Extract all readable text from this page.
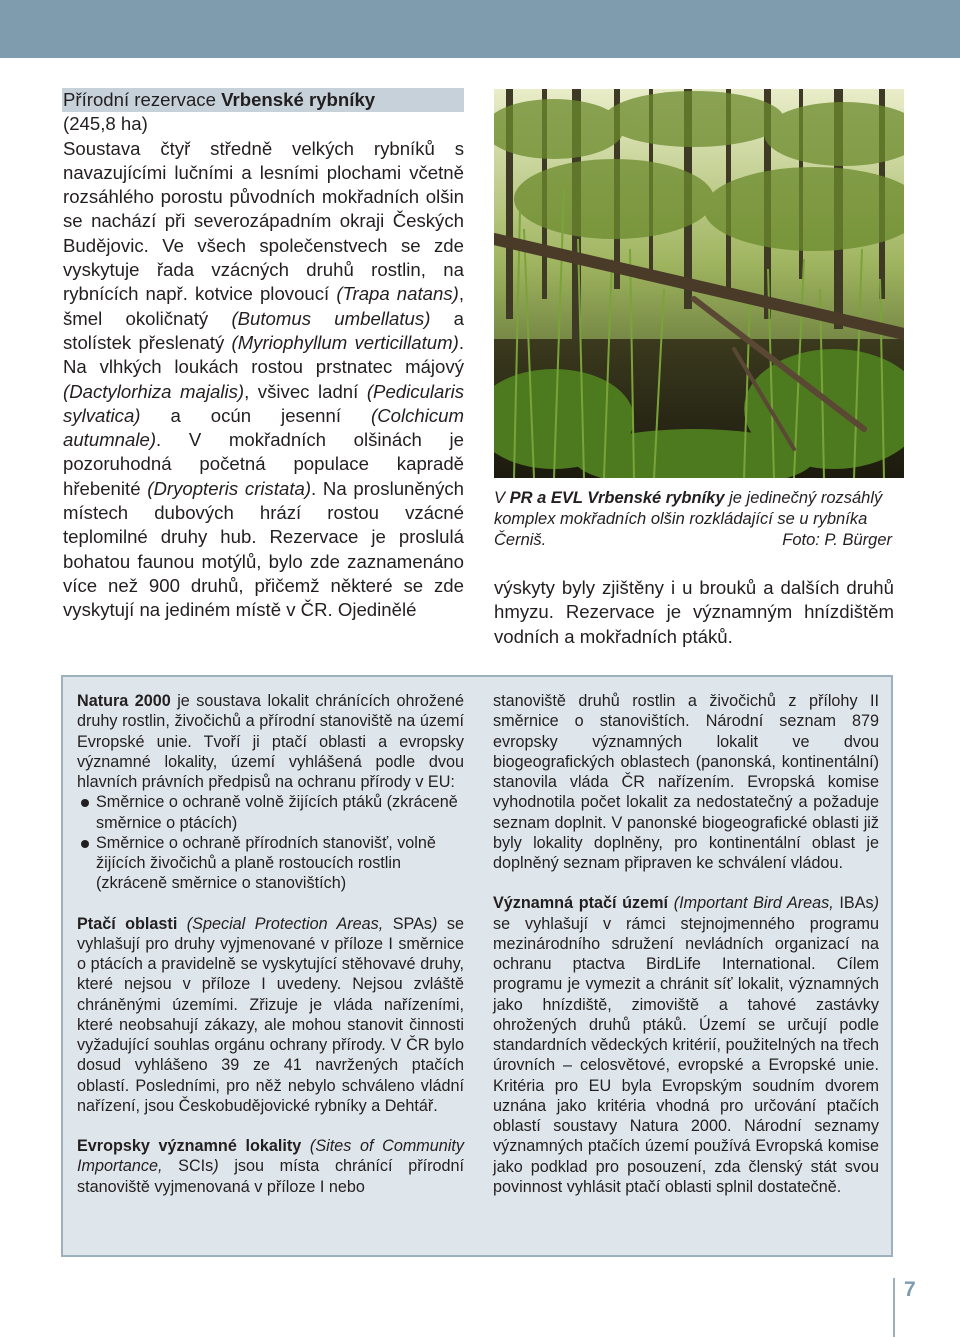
Přírodní rezervace Vrbenské rybníky

(245,8 ha)
Soustava čtyř středně velkých rybníků s navazujícími lučními a lesními plochami včetně rozsáhlého porostu původních mokřadních olšin se nachází při severozápadním okraji Českých Budějovic. Ve všech společenstvech se zde vyskytuje řada vzácných druhů rostlin, na rybnících např. kotvice plovoucí (Trapa natans), šmel okoličnatý (Butomus umbellatus) a stolístek přeslenatý (Myriophyllum verticillatum). Na vlhkých loukách rostou prstnatec májový (Dactylorhiza majalis), všivec ladní (Pedicularis sylvatica) a ocún jesenní (Colchicum autumnale). V mokřadních olšinách je pozoruhodná početná populace kapradě hřebenité (Dryopteris cristata). Na prosluněných místech dubových hrází rostou vzácné teplomilné druhy hub. Rezervace je proslulá bohatou faunou motýlů, bylo zde zaznamenáno více než 900 druhů, přičemž některé se zde vyskytují na jediném místě v ČR. Ojedinělé

V PR a EVL Vrbenské rybníky je jedinečný rozsáhlý komplex mokřadních olšin rozkládající se u rybníka Černiš.	Foto: P. Bürger

výskyty byly zjištěny i u brouků a dalších druhů hmyzu. Rezervace je významným hnízdištěm vodních a mokřadních ptáků.

Natura 2000 je soustava lokalit chránících ohrožené druhy rostlin, živočichů a přírodní stanoviště na území Evropské unie. Tvoří ji ptačí oblasti a evropsky významné lokality, území vyhlášená podle dvou hlavních právních předpisů na ochranu přírody v EU:

Směrnice o ochraně volně žijících ptáků (zkráceně směrnice o ptácích)
Směrnice o ochraně přírodních stanovišť, volně žijících živočichů a planě rostoucích rostlin (zkráceně směrnice o stanovištích)

Ptačí oblasti (Special Protection Areas, SPAs) se vyhlašují pro druhy vyjmenované v příloze I směrnice o ptácích a pravidelně se vyskytující stěhovavé druhy, které nejsou v příloze I uvedeny. Nejsou zvláště chráněnými územími. Zřizuje je vláda nařízeními, které neobsahují zákazy, ale mohou stanovit činnosti vyžadující souhlas orgánu ochrany přírody. V ČR bylo dosud vyhlášeno 39 ze 41 navržených ptačích oblastí. Posledními, pro něž nebylo schváleno vládní nařízení, jsou Českobudějovické rybníky a Dehtář.

Evropsky významné lokality (Sites of Community Importance, SCIs) jsou místa chránící přírodní stanoviště vyjmenovaná v příloze I nebo

stanoviště druhů rostlin a živočichů z přílohy II směrnice o stanovištích. Národní seznam 879 evropsky významných lokalit ve dvou biogeografických oblastech (panonská, kontinentální) stanovila vláda ČR nařízením. Evropská komise vyhodnotila počet lokalit za nedostatečný a požaduje seznam doplnit. V panonské biogeografické oblasti již byly lokality doplněny, pro kontinentální oblast je doplněný seznam připraven ke schválení vládou.

Významná ptačí území (Important Bird Areas, IBAs) se vyhlašují v rámci stejnojmenného programu mezinárodního sdružení nevládních organizací na ochranu ptactva BirdLife International. Cílem programu je vymezit a chránit síť lokalit, významných jako hnízdiště, zimoviště a tahové zastávky ohrožených druhů ptáků. Území se určují podle standardních vědeckých kritérií, použitelných na třech úrovních – celosvětové, evropské a Evropské unie. Kritéria pro EU byla Evropským soudním dvorem uznána jako kritéria vhodná pro určování ptačích oblastí soustavy Natura 2000. Národní seznamy významných ptačích území používá Evropská komise jako podklad pro posouzení, zda členský stát svou povinnost vyhlásit ptačí oblasti splnil dostatečně.

7
